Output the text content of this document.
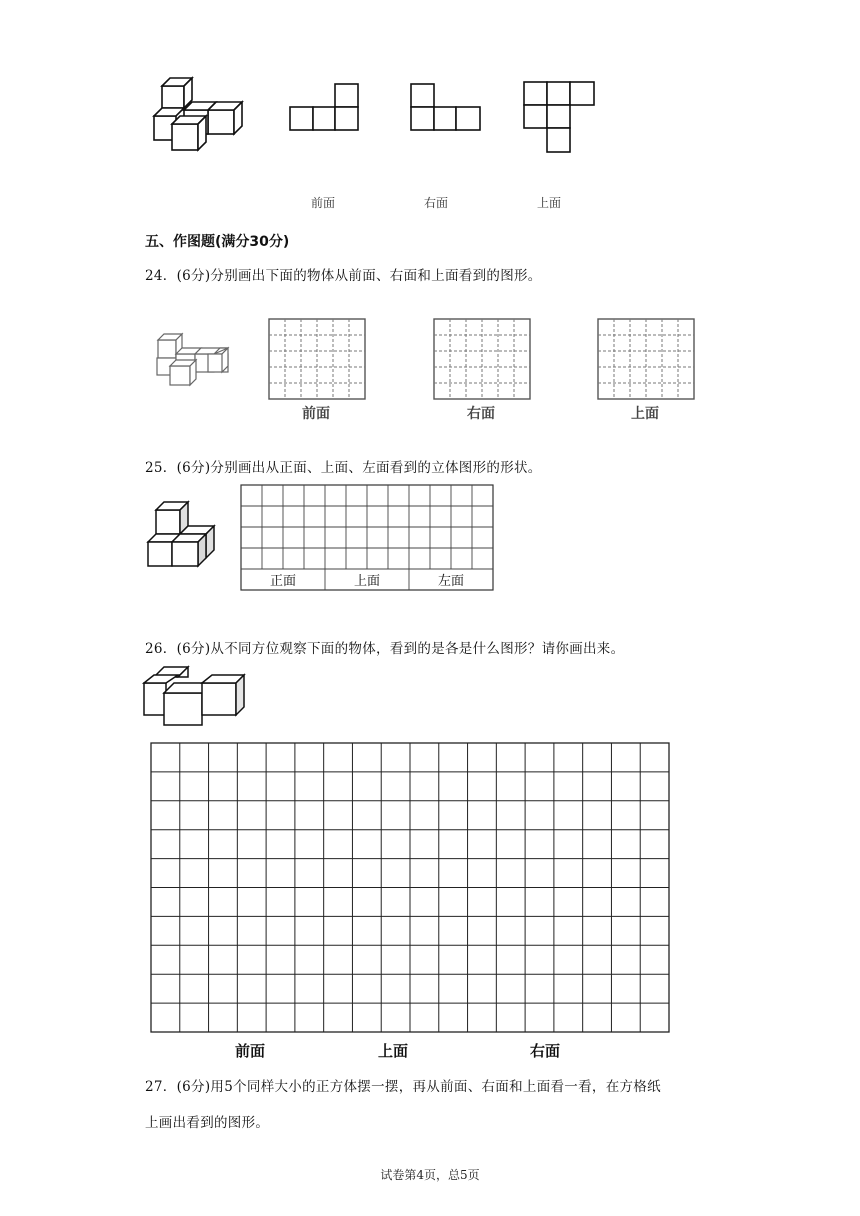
前面	右面	上面
五、作图题(满分30分)
24．(6分)分别画出下面的物体从前面、右面和上面看到的图形。
前面	右面	上面
25．(6分)分别画出从正面、上面、左面看到的立体图形的形状。
正面	上面	左面
26．(6分)从不同方位观察下面的物体，看到的是各是什么图形？请你画出来。
前面	上面	右面
27．(6分)用5个同样大小的正方体摆一摆，再从前面、右面和上面看一看，在方格纸
上画出看到的图形。
试卷第4页，总5页
